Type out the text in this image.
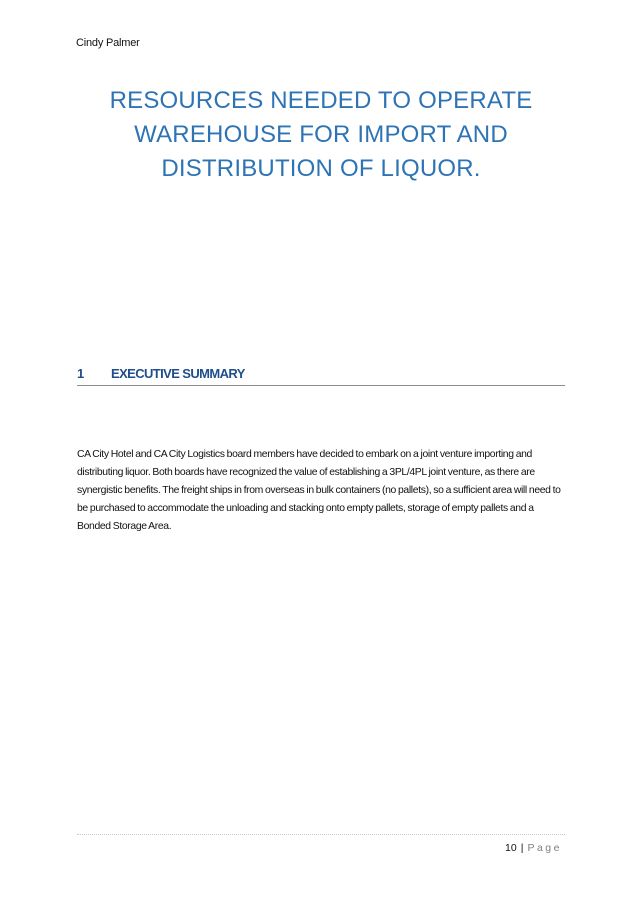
Cindy Palmer
RESOURCES NEEDED TO OPERATE
WAREHOUSE FOR IMPORT AND
DISTRIBUTION OF LIQUOR.
1	EXECUTIVE SUMMARY

CA City Hotel and CA City Logistics board members have decided to embark on a joint venture importing and distributing liquor. Both boards have recognized the value of establishing a 3PL/4PL joint venture, as there are synergistic benefits. The freight ships in from overseas in bulk containers (no pallets), so a sufficient area will need to be purchased to accommodate the unloading and stacking onto empty pallets, storage of empty pallets and a Bonded Storage Area.

10 | Page
